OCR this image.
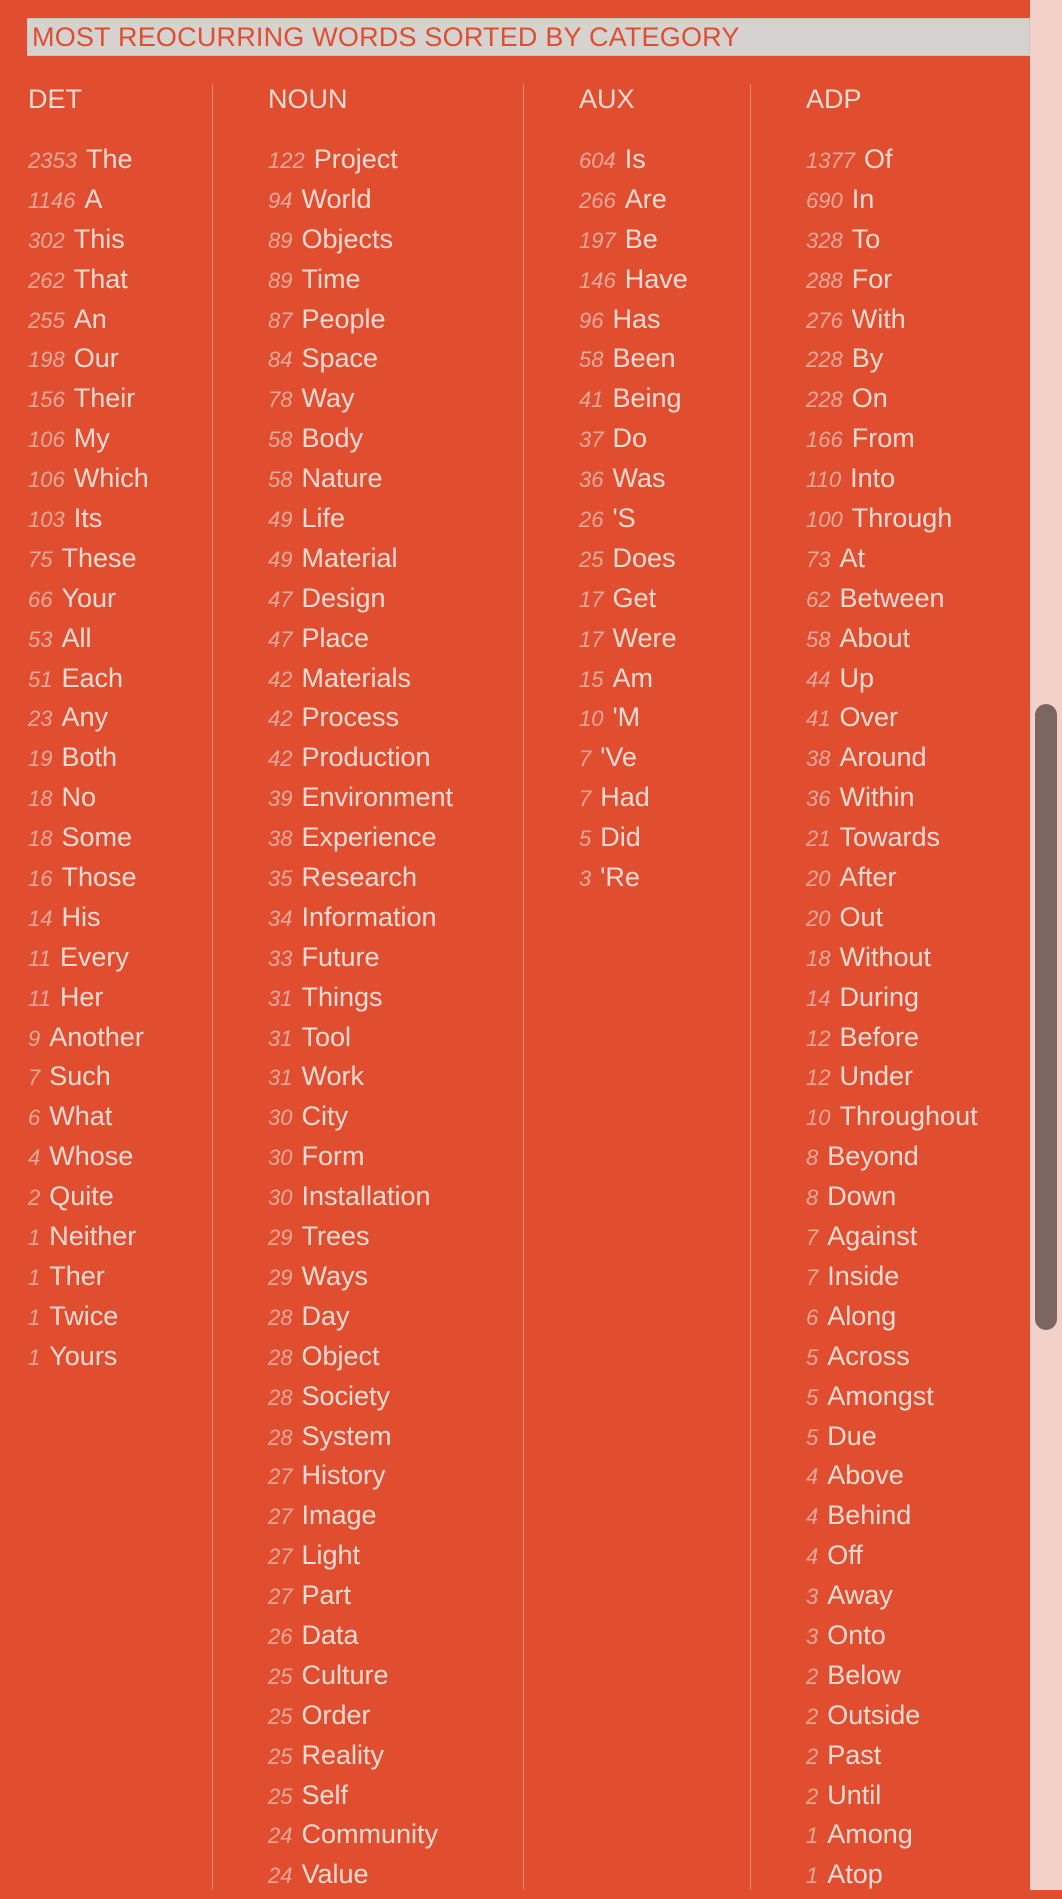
MOST REOCURRING WORDS SORTED BY CATEGORY
DET
2353 The
1146 A
302 This
262 That
255 An
198 Our
156 Their
106 My
106 Which
103 Its
75 These
66 Your
53 All
51 Each
23 Any
19 Both
18 No
18 Some
16 Those
14 His
11 Every
11 Her
9 Another
7 Such
6 What
4 Whose
2 Quite
1 Neither
1 Ther
1 Twice
1 Yours
NOUN
122 Project
94 World
89 Objects
89 Time
87 People
84 Space
78 Way
58 Body
58 Nature
49 Life
49 Material
47 Design
47 Place
42 Materials
42 Process
42 Production
39 Environment
38 Experience
35 Research
34 Information
33 Future
31 Things
31 Tool
31 Work
30 City
30 Form
30 Installation
29 Trees
29 Ways
28 Day
28 Object
28 Society
28 System
27 History
27 Image
27 Light
27 Part
26 Data
25 Culture
25 Order
25 Reality
25 Self
24 Community
24 Value
AUX
604 Is
266 Are
197 Be
146 Have
96 Has
58 Been
41 Being
37 Do
36 Was
26 'S
25 Does
17 Get
17 Were
15 Am
10 'M
7 'Ve
7 Had
5 Did
3 'Re
ADP
1377 Of
690 In
328 To
288 For
276 With
228 By
228 On
166 From
110 Into
100 Through
73 At
62 Between
58 About
44 Up
41 Over
38 Around
36 Within
21 Towards
20 After
20 Out
18 Without
14 During
12 Before
12 Under
10 Throughout
8 Beyond
8 Down
7 Against
7 Inside
6 Along
5 Across
5 Amongst
5 Due
4 Above
4 Behind
4 Off
3 Away
3 Onto
2 Below
2 Outside
2 Past
2 Until
1 Among
1 Atop
